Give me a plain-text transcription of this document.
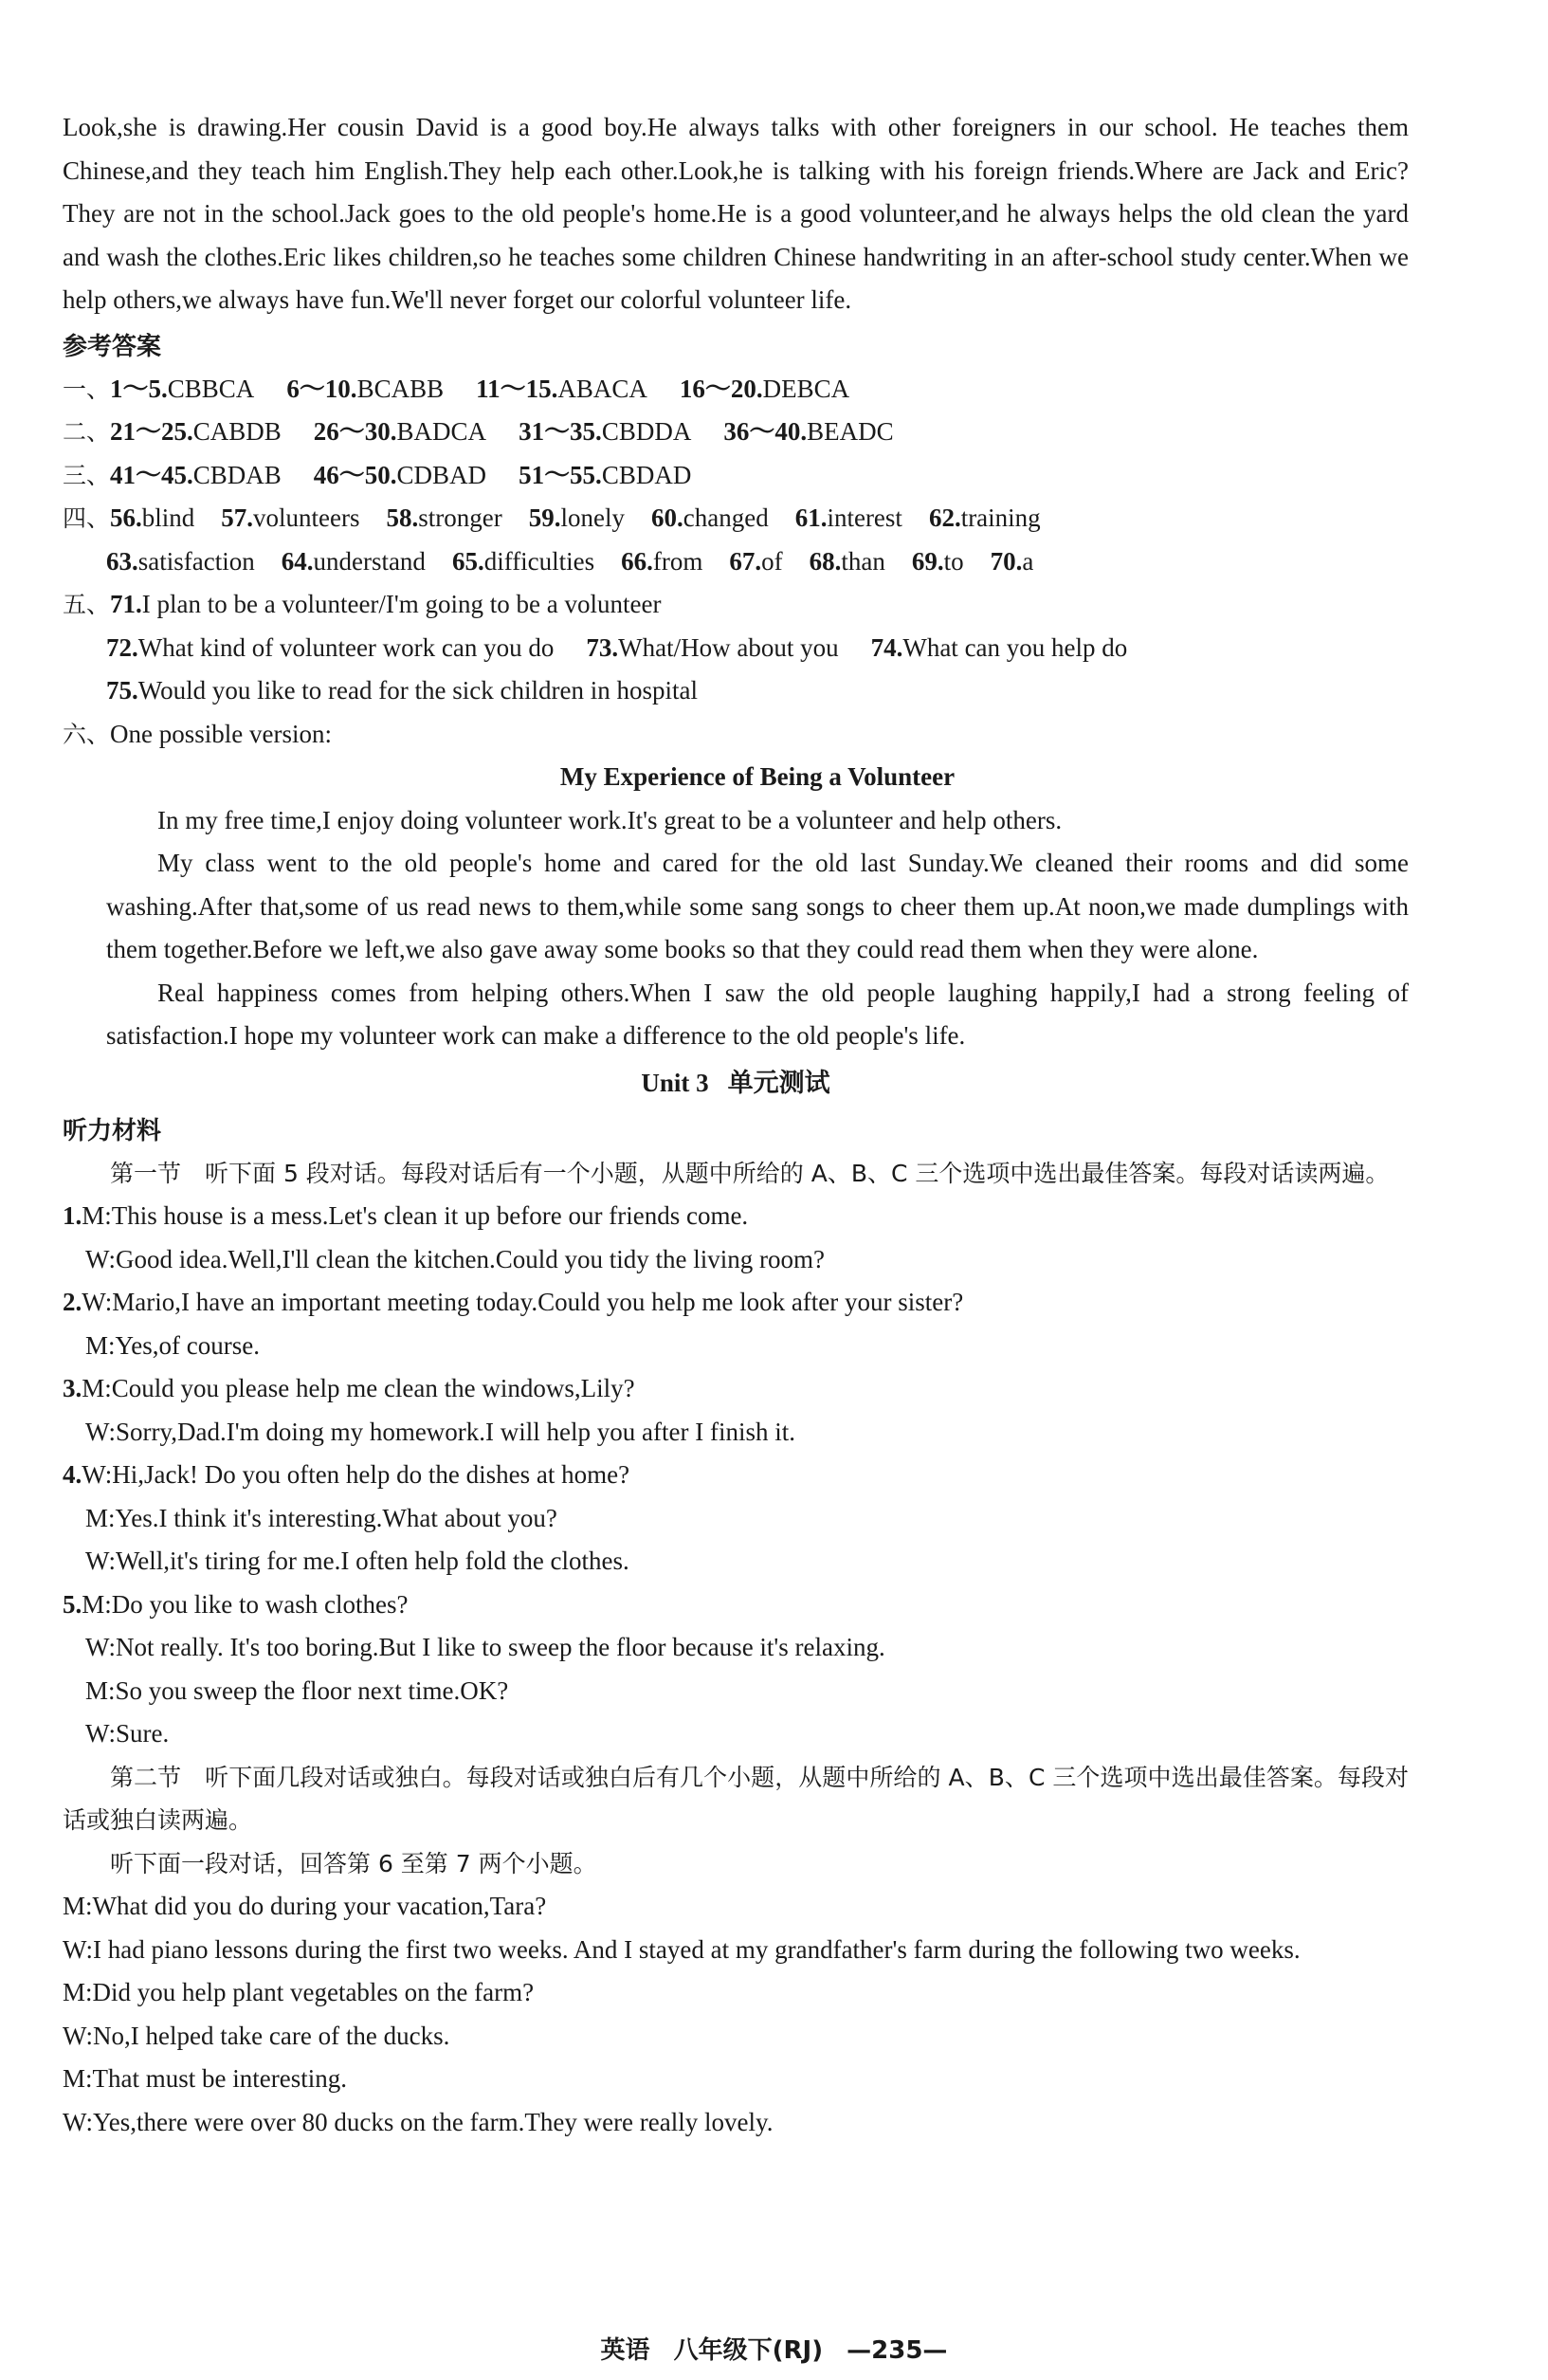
Look,she is drawing.Her cousin David is a good boy.He always talks with other foreigners in our school. He teaches them Chinese,and they teach him English.They help each other.Look,he is talking with his foreign friends.Where are Jack and Eric? They are not in the school.Jack goes to the old people's home.He is a good volunteer,and he always helps the old clean the yard and wash the clothes.Eric likes children,so he teaches some children Chinese handwriting in an after-school study center.When we help others,we always have fun.We'll never forget our colorful volunteer life.

参考答案

一、 1～5.CBBCA 6～10.BCABB 11～15.ABACA 16～20.DEBCA
二、 21～25.CABDB 26～30.BADCA 31～35.CBDDA 36～40.BEADC
三、 41～45.CBDAB 46～50.CDBAD 51～55.CBDAD
四、 56.blind 57.volunteers 58.stronger 59.lonely 60.changed 61.interest 62.training
63.satisfaction 64.understand 65.difficulties 66.from 67.of 68.than 69.to 70.a
五、 71.I plan to be a volunteer/I'm going to be a volunteer
72.What kind of volunteer work can you do 73.What/How about you 74.What can you help do
75.Would you like to read for the sick children in hospital
六、 One possible version:

My Experience of Being a Volunteer

In my free time,I enjoy doing volunteer work.It's great to be a volunteer and help others.

My class went to the old people's home and cared for the old last Sunday.We cleaned their rooms and did some washing.After that,some of us read news to them,while some sang songs to cheer them up.At noon,we made dumplings with them together.Before we left,we also gave away some books so that they could read them when they were alone.

Real happiness comes from helping others.When I saw the old people laughing happily,I had a strong feeling of satisfaction.I hope my volunteer work can make a difference to the old people's life.

Unit 3 单元测试

听力材料

第一节　听下面 5 段对话。每段对话后有一个小题，从题中所给的 A、B、C 三个选项中选出最佳答案。每段对话读两遍。

1.M:This house is a mess.Let's clean it up before our friends come.

W:Good idea.Well,I'll clean the kitchen.Could you tidy the living room?

2.W:Mario,I have an important meeting today.Could you help me look after your sister?

M:Yes,of course.

3.M:Could you please help me clean the windows,Lily?

W:Sorry,Dad.I'm doing my homework.I will help you after I finish it.

4.W:Hi,Jack! Do you often help do the dishes at home?

M:Yes.I think it's interesting.What about you?

W:Well,it's tiring for me.I often help fold the clothes.

5.M:Do you like to wash clothes?

W:Not really. It's too boring.But I like to sweep the floor because it's relaxing.

M:So you sweep the floor next time.OK?

W:Sure.

第二节　听下面几段对话或独白。每段对话或独白后有几个小题，从题中所给的 A、B、C 三个选项中选出最佳答案。每段对话或独白读两遍。

听下面一段对话，回答第 6 至第 7 两个小题。

M:What did you do during your vacation,Tara?

W:I had piano lessons during the first two weeks. And I stayed at my grandfather's farm during the following two weeks.

M:Did you help plant vegetables on the farm?

W:No,I helped take care of the ducks.

M:That must be interesting.

W:Yes,there were over 80 ducks on the farm.They were really lovely.

英语 八年级下(RJ) —235—
